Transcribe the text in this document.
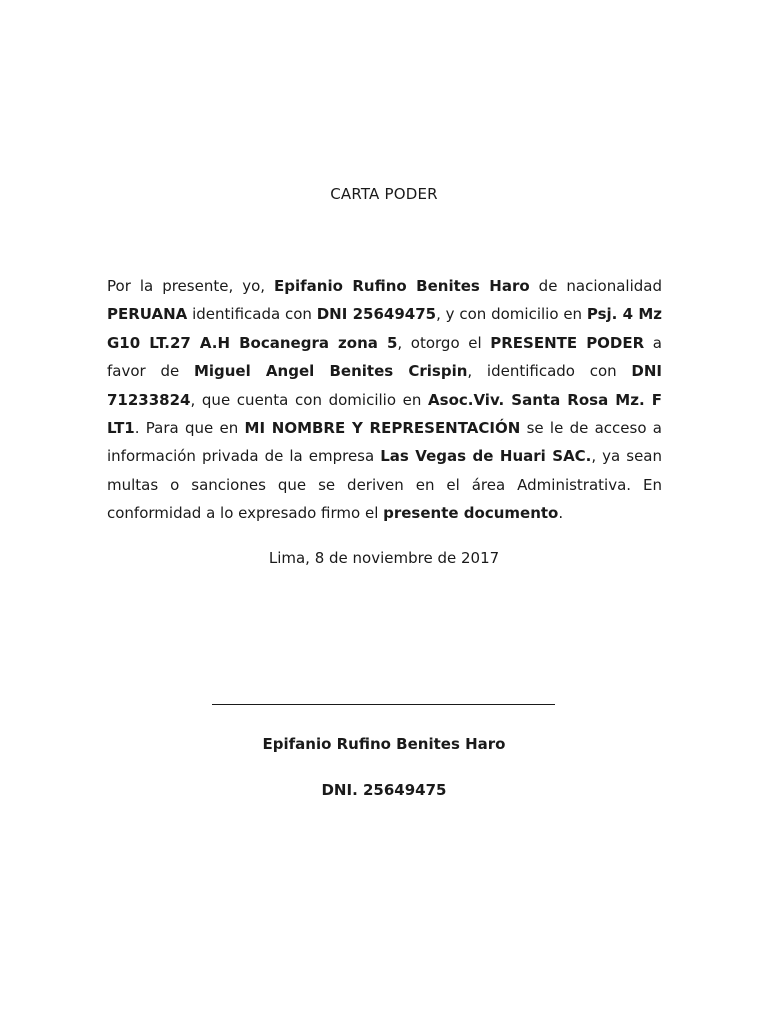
CARTA PODER

Por la presente, yo, Epifanio Rufino Benites Haro de nacionalidad PERUANA identificada con DNI 25649475, y con domicilio en Psj. 4 Mz G10 LT.27 A.H Bocanegra zona 5, otorgo el PRESENTE PODER a favor de Miguel Angel Benites Crispin, identificado con DNI 71233824, que cuenta con domicilio en Asoc.Viv. Santa Rosa Mz. F LT1. Para que en MI NOMBRE Y REPRESENTACIÓN se le de acceso a información privada de la empresa Las Vegas de Huari SAC., ya sean multas o sanciones que se deriven en el área Administrativa. En conformidad a lo expresado firmo el presente documento.

Lima, 8 de noviembre de 2017
Epifanio Rufino Benites Haro
DNI. 25649475
